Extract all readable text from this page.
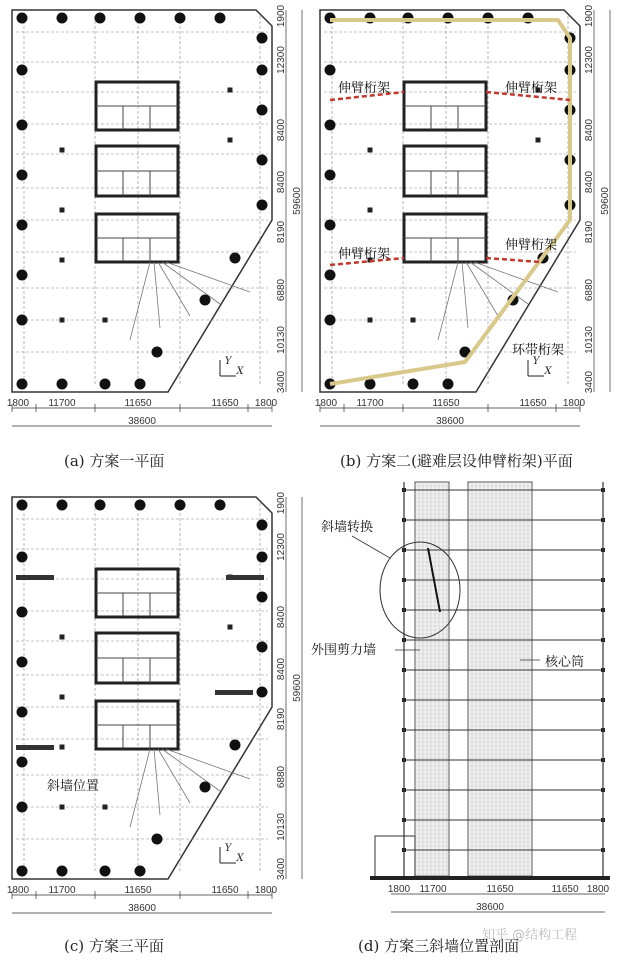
1800 11700	11650	11650 1800
38600
1900
12300
8400
8400
8190
6880
10130
3400
59600
Y
X
1800 11700	11650	11650 1800
38600
1900
12300
8400
8400
8190
6880
10130
3400
59600
Y
X
1800 11700	11650	11650 1800
38600
1900
12300
8400
8400
8190
6880
10130
3400
59600
Y
X
1800 11700	11650	11650 1800
38600
伸臂桁架	伸臂桁架
伸臂桁架
伸臂桁架
环带桁架
斜墙位置
斜墙转换
外围剪力墙
核心筒
知乎 @结构工程
(a) 方案一平面	(b) 方案二(避难层设伸臂桁架)平面
(c) 方案三平面	(d) 方案三斜墙位置剖面
